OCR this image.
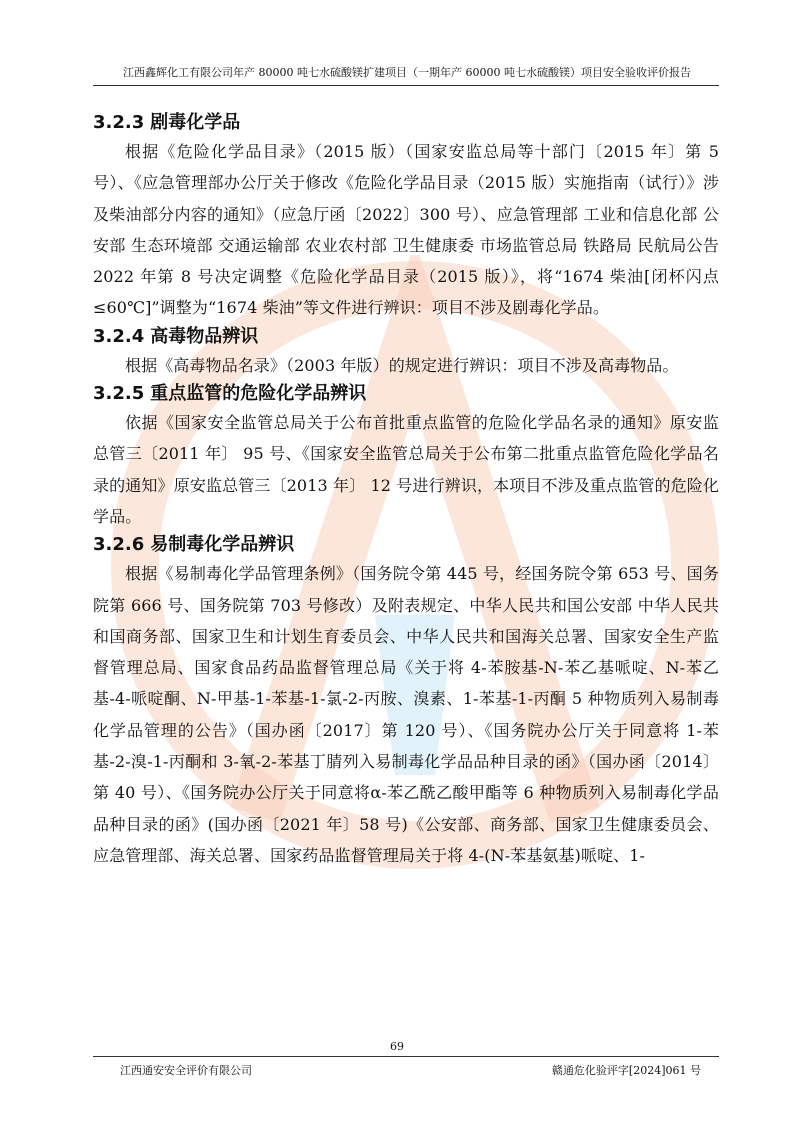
江西鑫辉化工有限公司年产 80000 吨七水硫酸镁扩建项目（一期年产 60000 吨七水硫酸镁）项目安全验收评价报告
3.2.3 剧毒化学品

根据《危险化学品目录》（2015 版）（国家安监总局等十部门〔2015 年〕第 5 号）、《应急管理部办公厅关于修改《危险化学品目录（2015 版）实施指南（试行）》涉及柴油部分内容的通知》（应急厅函〔2022〕300 号）、应急管理部 工业和信息化部 公安部 生态环境部 交通运输部 农业农村部 卫生健康委 市场监管总局 铁路局 民航局公告 2022 年第 8 号决定调整《危险化学品目录（2015 版）》，将“1674 柴油[闭杯闪点≤60℃]”调整为“1674 柴油”等文件进行辨识：项目不涉及剧毒化学品。

3.2.4 高毒物品辨识

根据《高毒物品名录》（2003 年版）的规定进行辨识：项目不涉及高毒物品。

3.2.5 重点监管的危险化学品辨识

依据《国家安全监管总局关于公布首批重点监管的危险化学品名录的通知》原安监总管三〔2011 年〕 95 号、《国家安全监管总局关于公布第二批重点监管危险化学品名录的通知》原安监总管三〔2013 年〕 12 号进行辨识，本项目不涉及重点监管的危险化学品。

3.2.6 易制毒化学品辨识

根据《易制毒化学品管理条例》（国务院令第 445 号，经国务院令第 653 号、国务院第 666 号、国务院第 703 号修改）及附表规定、中华人民共和国公安部 中华人民共和国商务部、国家卫生和计划生育委员会、中华人民共和国海关总署、国家安全生产监督管理总局、国家食品药品监督管理总局《关于将 4-苯胺基-N-苯乙基哌啶、N-苯乙基-4-哌啶酮、N-甲基-1-苯基-1-氯-2-丙胺、溴素、1-苯基-1-丙酮 5 种物质列入易制毒化学品管理的公告》（国办函〔2017〕第 120 号）、《国务院办公厅关于同意将 1-苯基-2-溴-1-丙酮和 3-氧-2-苯基丁腈列入易制毒化学品品种目录的函》（国办函〔2014〕第 40 号）、《国务院办公厅关于同意将α-苯乙酰乙酸甲酯等 6 种物质列入易制毒化学品品种目录的函》(国办函〔2021 年〕58 号)《公安部、商务部、国家卫生健康委员会、应急管理部、海关总署、国家药品监督管理局关于将 4-(N-苯基氨基)哌啶、1-

69
江西通安安全评价有限公司	赣通危化验评字[2024]061 号
